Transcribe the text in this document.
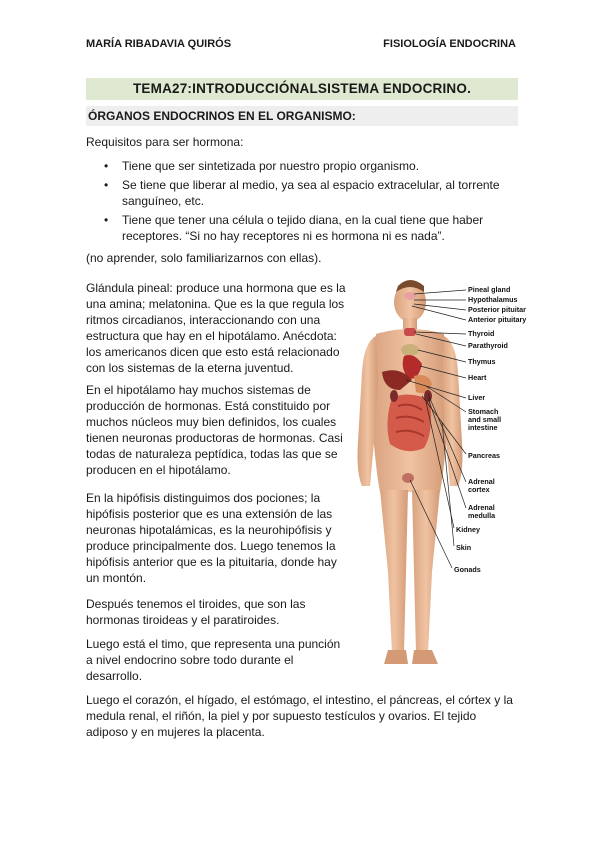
MARÍA RIBADAVIA QUIRÓS	FISIOLOGÍA ENDOCRINA
TEMA27:INTRODUCCIÓNALSISTEMA ENDOCRINO.
ÓRGANOS ENDOCRINOS EN EL ORGANISMO:
Requisitos para ser hormona:
• Tiene que ser sintetizada por nuestro propio organismo.
• Se tiene que liberar al medio, ya sea al espacio extracelular, al torrente sanguíneo, etc.
• Tiene que tener una célula o tejido diana, en la cual tiene que haber receptores. “Si no hay receptores ni es hormona ni es nada”.
(no aprender, solo familiarizarnos con ellas).

Glándula pineal: produce una hormona que es la una amina; melatonina. Que es la que regula los ritmos circadianos, interaccionando con una estructura que hay en el hipotálamo. Anécdota: los americanos dicen que esto está relacionado con los sistemas de la eterna juventud.

En el hipotálamo hay muchos sistemas de producción de hormonas. Está constituido por muchos núcleos muy bien definidos, los cuales tienen neuronas productoras de hormonas. Casi todas de naturaleza peptídica, todas las que se producen en el hipotálamo.

En la hipófisis distinguimos dos pociones; la hipófisis posterior que es una extensión de las neuronas hipotalámicas, es la neurohipófisis y produce principalmente dos. Luego tenemos la hipófisis anterior que es la pituitaria, donde hay un montón.

Después tenemos el tiroides, que son las hormonas tiroideas y el paratiroides.

Luego está el timo, que representa una punción a nivel endocrino sobre todo durante el desarrollo.

Luego el corazón, el hígado, el estómago, el intestino, el páncreas, el córtex y la medula renal, el riñón, la piel y por supuesto testículos y ovarios. El tejido adiposo y en mujeres la placenta.

Pineal gland
Hypothalamus
Posterior pituitary
Anterior pituitary
Thyroid
Parathyroid
Thymus
Heart
Liver
Stomach
and small
intestine
Pancreas
Adrenal
cortex
Adrenal
medulla
Kidney
Skin
Gonads
